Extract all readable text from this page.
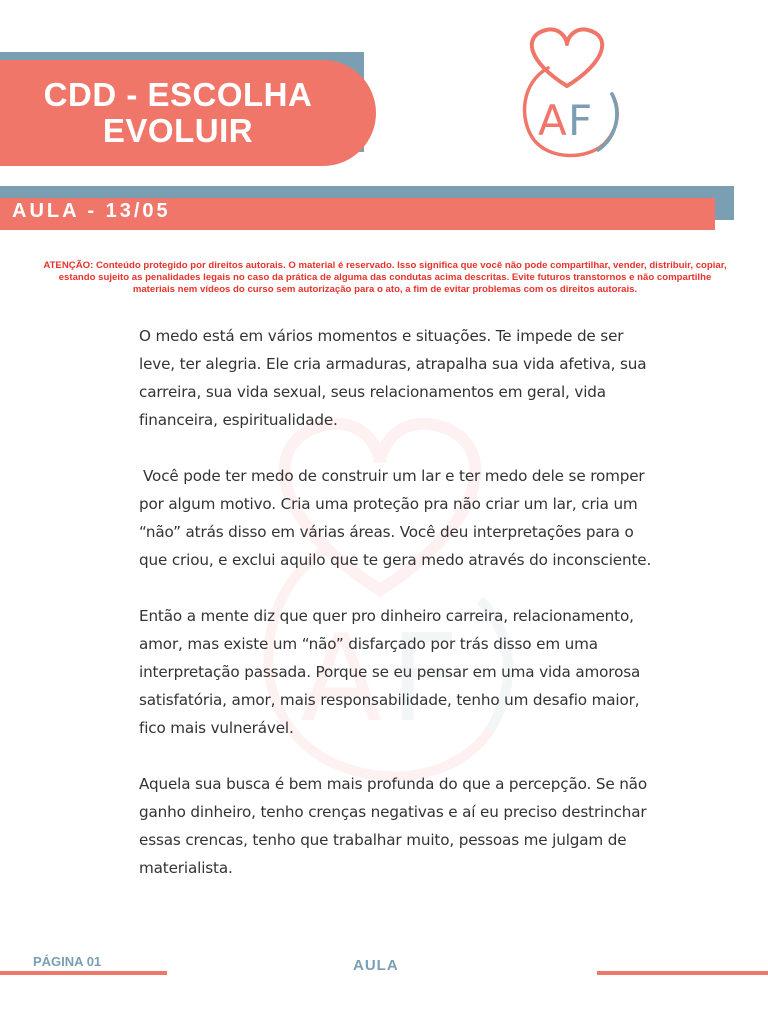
CDD - ESCOLHA EVOLUIR	A F
AULA - 13/05
ATENÇÃO: Conteúdo protegido por direitos autorais. O material é reservado. Isso significa que você não pode compartilhar, vender, distribuir, copiar, estando sujeito as penalidades legais no caso da prática de alguma das condutas acima descritas. Evite futuros transtornos e não compartilhe materiais nem vídeos do curso sem autorização para o ato, a fim de evitar problemas com os direitos autorais.
A F

O medo está em vários momentos e situações. Te impede de ser leve, ter alegria. Ele cria armaduras, atrapalha sua vida afetiva, sua carreira, sua vida sexual, seus relacionamentos em geral, vida financeira, espiritualidade.

Você pode ter medo de construir um lar e ter medo dele se romper por algum motivo. Cria uma proteção pra não criar um lar, cria um “não” atrás disso em várias áreas. Você deu interpretações para o que criou, e exclui aquilo que te gera medo através do inconsciente.

Então a mente diz que quer pro dinheiro carreira, relacionamento, amor, mas existe um “não” disfarçado por trás disso em uma interpretação passada. Porque se eu pensar em uma vida amorosa satisfatória, amor, mais responsabilidade, tenho um desafio maior, fico mais vulnerável.

Aquela sua busca é bem mais profunda do que a percepção. Se não ganho dinheiro, tenho crenças negativas e aí eu preciso destrinchar essas crencas, tenho que trabalhar muito, pessoas me julgam de materialista.

PÁGINA 01	AULA
